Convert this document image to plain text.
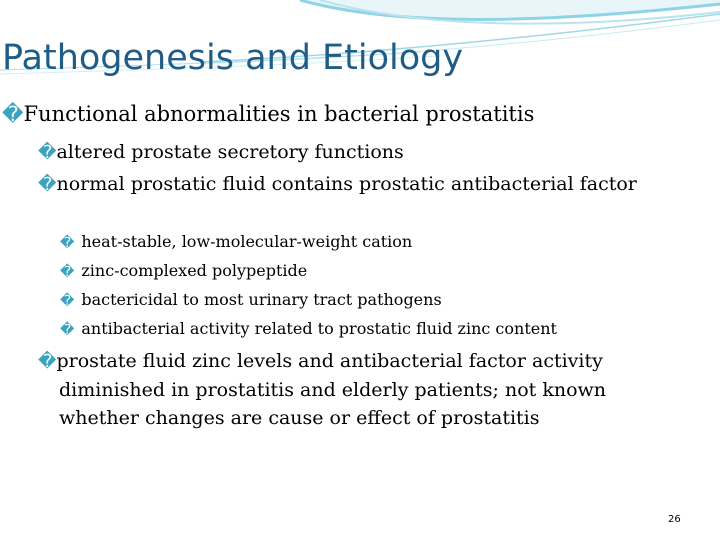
Pathogenesis and Etiology
�Functional abnormalities in bacterial prostatitis
�altered prostate secretory functions
�normal prostatic fluid contains prostatic antibacterial factor
� heat-stable, low-molecular-weight cation
� zinc-complexed polypeptide
� bactericidal to most urinary tract pathogens
� antibacterial activity related to prostatic fluid zinc content
�prostate fluid zinc levels and antibacterial factor activity diminished in prostatitis and elderly patients; not known whether changes are cause or effect of prostatitis
26
